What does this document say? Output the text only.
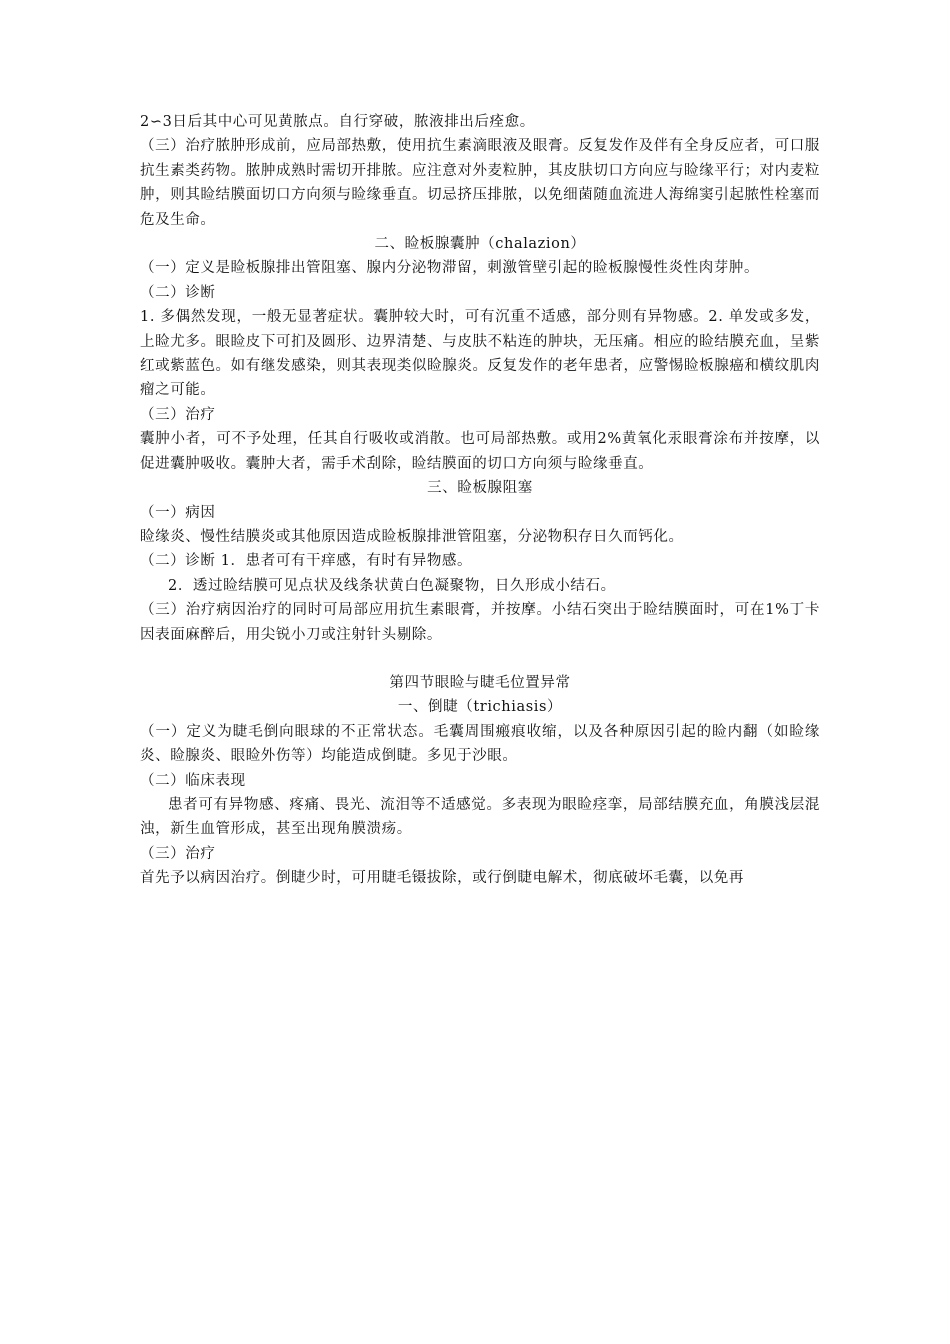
2∽3日后其中心可见黄脓点。自行穿破，脓液排出后痊愈。

（三）治疗脓肿形成前，应局部热敷，使用抗生素滴眼液及眼膏。反复发作及伴有全身反应者，可口服抗生素类药物。脓肿成熟时需切开排脓。应注意对外麦粒肿，其皮肤切口方向应与睑缘平行；对内麦粒肿，则其睑结膜面切口方向须与睑缘垂直。切忌挤压排脓，以免细菌随血流进人海绵窦引起脓性栓塞而危及生命。

二、睑板腺囊肿（chalazion）

（一）定义是睑板腺排出管阻塞、腺内分泌物滞留，刺激管壁引起的睑板腺慢性炎性肉芽肿。

（二）诊断

1. 多偶然发现，一般无显著症状。囊肿较大时，可有沉重不适感，部分则有异物感。2. 单发或多发，上睑尤多。眼睑皮下可扪及圆形、边界清楚、与皮肤不粘连的肿块，无压痛。相应的睑结膜充血，呈紫红或紫蓝色。如有继发感染，则其表现类似睑腺炎。反复发作的老年患者，应警惕睑板腺癌和横纹肌肉瘤之可能。

（三）治疗

囊肿小者，可不予处理，任其自行吸收或消散。也可局部热敷。或用2%黄氧化汞眼膏涂布并按摩，以促进囊肿吸收。囊肿大者，需手术刮除，睑结膜面的切口方向须与睑缘垂直。

三、睑板腺阻塞

（一）病因

睑缘炎、慢性结膜炎或其他原因造成睑板腺排泄管阻塞，分泌物积存日久而钙化。

（二）诊断 1．患者可有干痒感，有时有异物感。

2．透过睑结膜可见点状及线条状黄白色凝聚物，日久形成小结石。

（三）治疗病因治疗的同时可局部应用抗生素眼膏，并按摩。小结石突出于睑结膜面时，可在1%丁卡因表面麻醉后，用尖锐小刀或注射针头剔除。

第四节眼睑与睫毛位置异常

一、倒睫（trichiasis）

（一）定义为睫毛倒向眼球的不正常状态。毛囊周围瘢痕收缩，以及各种原因引起的睑内翻（如睑缘炎、睑腺炎、眼睑外伤等）均能造成倒睫。多见于沙眼。

（二）临床表现

患者可有异物感、疼痛、畏光、流泪等不适感觉。多表现为眼睑痉挛，局部结膜充血，角膜浅层混浊，新生血管形成，甚至出现角膜溃疡。

（三）治疗

首先予以病因治疗。倒睫少时，可用睫毛镊拔除，或行倒睫电解术，彻底破坏毛囊，以免再
